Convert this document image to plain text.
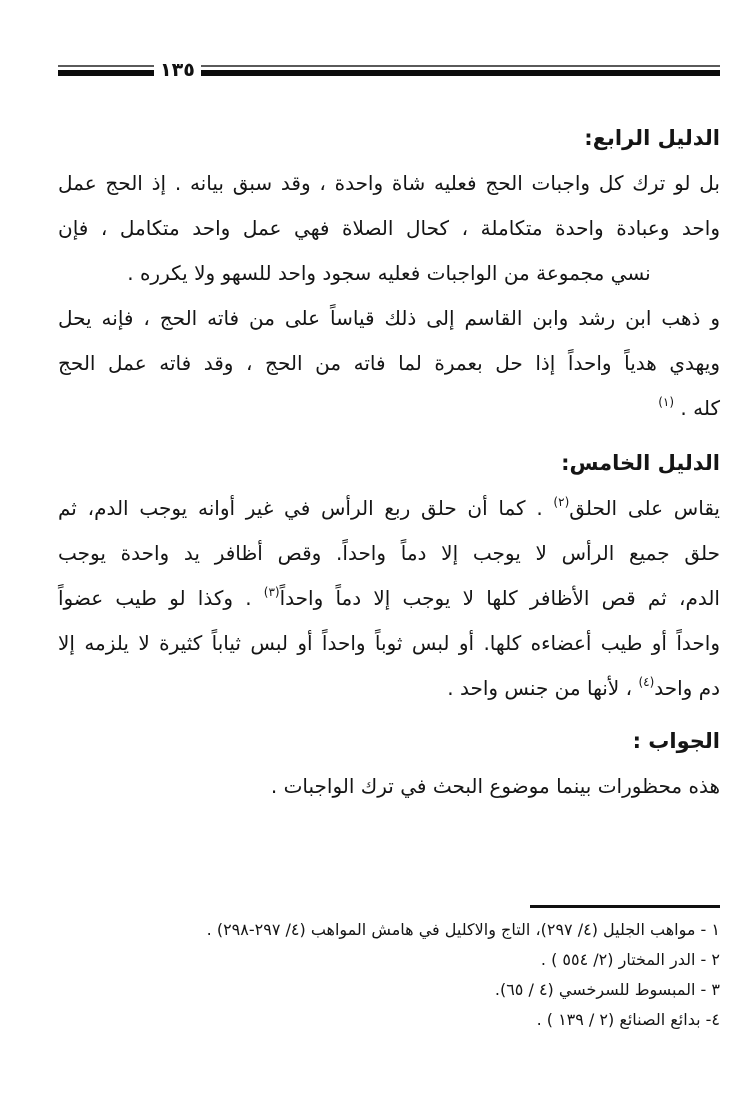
١٣٥
الدليل الرابع:
بل لو ترك كل واجبات الحج فعليه شاة واحدة ، وقد سبق بيانه . إذ الحج عمل
واحد وعبادة واحدة متكاملة ، كحال الصلاة فهي عمل واحد متكامل ، فإن
نسي مجموعة من الواجبات فعليه سجود واحد للسهو ولا يكرره .
و ذهب ابن رشد وابن القاسم إلى ذلك قياساً على من فاته الحج ، فإنه يحل
ويهدي هدياً واحداً إذا حل بعمرة لما فاته من الحج ، وقد فاته عمل الحج
كله . $^{(١)}$
الدليل الخامس:
يقاس على الحلق$^{(٢)}$ . كما أن حلق ربع الرأس في غير أوانه يوجب الدم، ثم
حلق جميع الرأس لا يوجب إلا دماً واحداً. وقص أظافر يد واحدة يوجب
الدم، ثم قص الأظافر كلها لا يوجب إلا دماً واحداً$^{(٣)}$ . وكذا لو طيب عضواً
واحداً أو طيب أعضاءه كلها. أو لبس ثوباً واحداً أو لبس ثياباً كثيرة لا يلزمه إلا
دم واحد$^{(٤)}$ ، لأنها من جنس واحد .
الجواب :
هذه محظورات بينما موضوع البحث في ترك الواجبات .
١ - مواهب الجليل (٤/ ٢٩٧)، التاج والاكليل في هامش المواهب (٤/ ٢٩٧-٢٩٨) .
٢ - الدر المختار (٢/ ٥٥٤ ) .
٣ - المبسوط للسرخسي (٤ / ٦٥).
٤- بدائع الصنائع (٢ / ١٣٩ ) .
